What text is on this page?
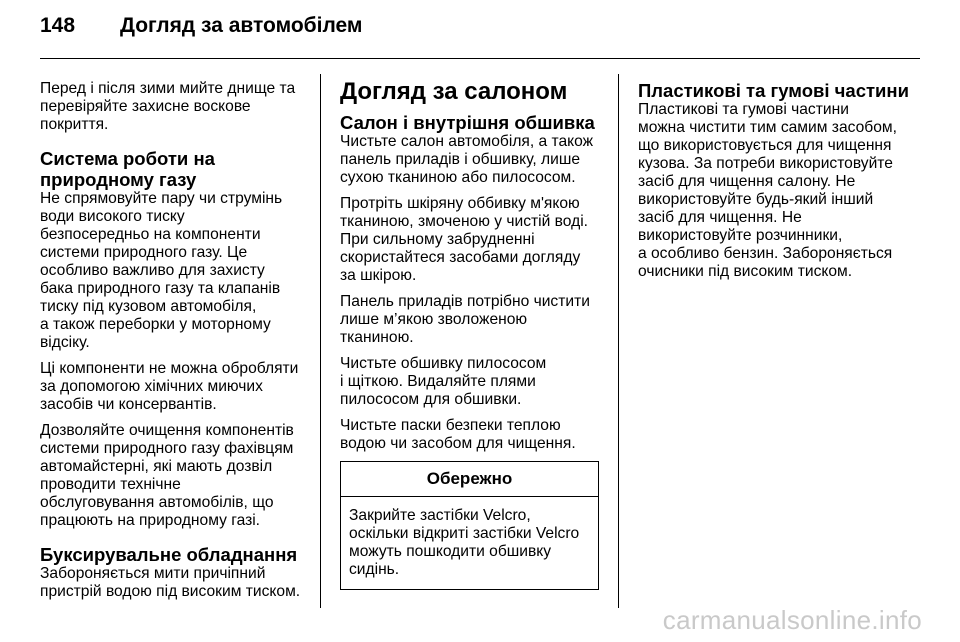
148 Догляд за автомобілем

Перед і після зими мийте днище та
перевіряйте захисне воскове
покриття.

Система роботи на
природному газу

Не спрямовуйте пару чи струмінь
води високого тиску
безпосередньо на компоненти
системи природного газу. Це
особливо важливо для захисту
бака природного газу та клапанів
тиску під кузовом автомобіля,
а також переборки у моторному
відсіку.

Ці компоненти не можна обробляти
за допомогою хімічних миючих
засобів чи консервантів.

Дозволяйте очищення компонентів
системи природного газу фахівцям
автомайстерні, які мають дозвіл
проводити технічне
обслуговування автомобілів, що
працюють на природному газі.

Буксирувальне обладнання

Забороняється мити причіпний
пристрій водою під високим тиском.

Догляд за салоном
Салон і внутрішня обшивка

Чистьте салон автомобіля, а також
панель приладів і обшивку, лише
сухою тканиною або пилососом.

Протріть шкіряну оббивку м'якою
тканиною, змоченою у чистій воді.
При сильному забрудненні
скористайтеся засобами догляду
за шкірою.

Панель приладів потрібно чистити
лише м’якою зволоженою
тканиною.

Чистьте обшивку пилососом
і щіткою. Видаляйте плями
пилососом для обшивки.

Чистьте паски безпеки теплою
водою чи засобом для чищення.

Обережно
Закрийте застібки Velcro,
оскільки відкриті застібки Velcro
можуть пошкодити обшивку
сидінь.
Пластикові та гумові частини

Пластикові та гумові частини
можна чистити тим самим засобом,
що використовується для чищення
кузова. За потреби використовуйте
засіб для чищення салону. Не
використовуйте будь-який інший
засіб для чищення. Не
використовуйте розчинники,
а особливо бензин. Забороняється
очисники під високим тиском.

carmanualsonline.info
